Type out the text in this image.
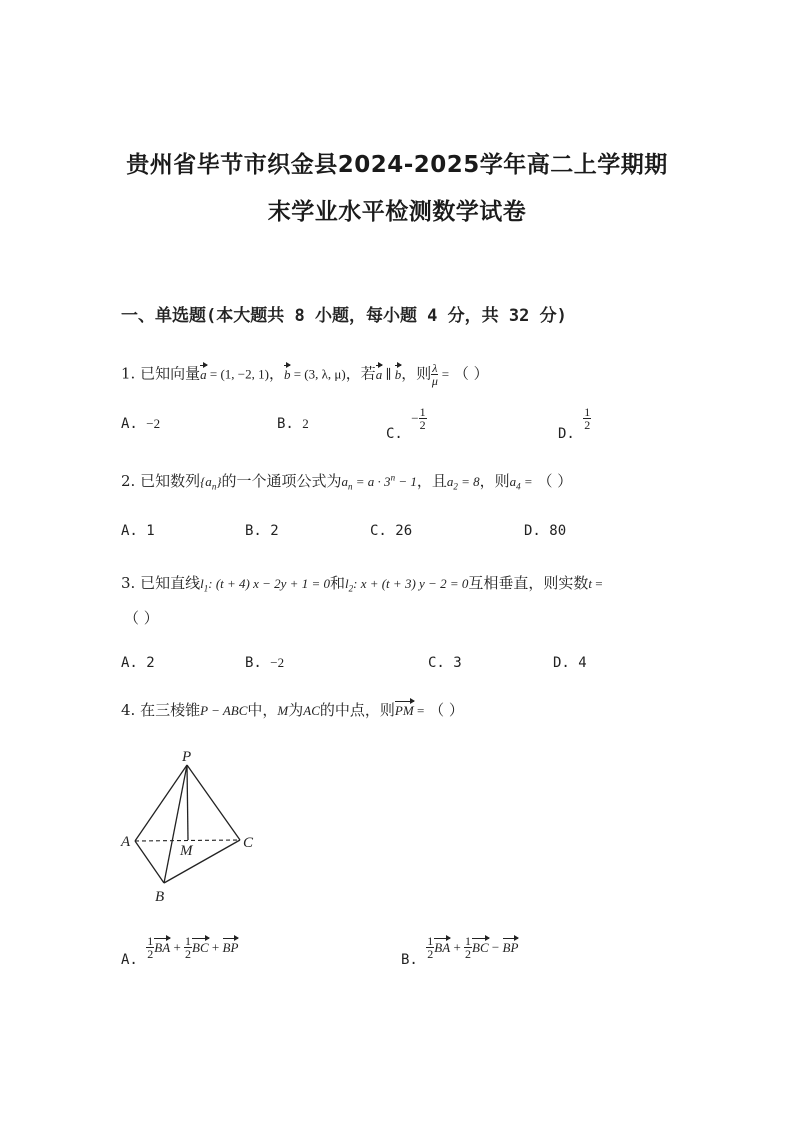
贵州省毕节市织金县2024-2025学年高二上学期期
末学业水平检测数学试卷
一、单选题(本大题共 8 小题，每小题 4 分，共 32 分)
1. 已知向量a = (1, −2, 1)，b = (3, λ, μ)，若a ∥ b，则 $\frac{\lambda}{\mu}$ = （ ）
A. −2	B. 2
C. − $\frac{1}{2}$
D.
$\frac{1}{2}$
2. 已知数列$\{a_n\}$的一个通项公式为$a_n = a \cdot 3^n - 1$，且$a_2 = 8$，则$a_4$ = （ ）
A. 1	B. 2	C. 26	D. 80
3. 已知直线$l_1$: (t + 4) x − 2y + 1 = 0和$l_2$: x + (t + 3) y − 2 = 0互相垂直，则实数t =
（ ）
A. 2	B. −2	C. 3	D. 4
4. 在三棱锥P − ABC中，M为AC的中点，则PM = （ ）
P
A	C
M
B
A. $\frac{1}{2}$ BA + $\frac{1}{2}$ BC + BP
B. $\frac{1}{2}$ BA + $\frac{1}{2}$ BC − BP
